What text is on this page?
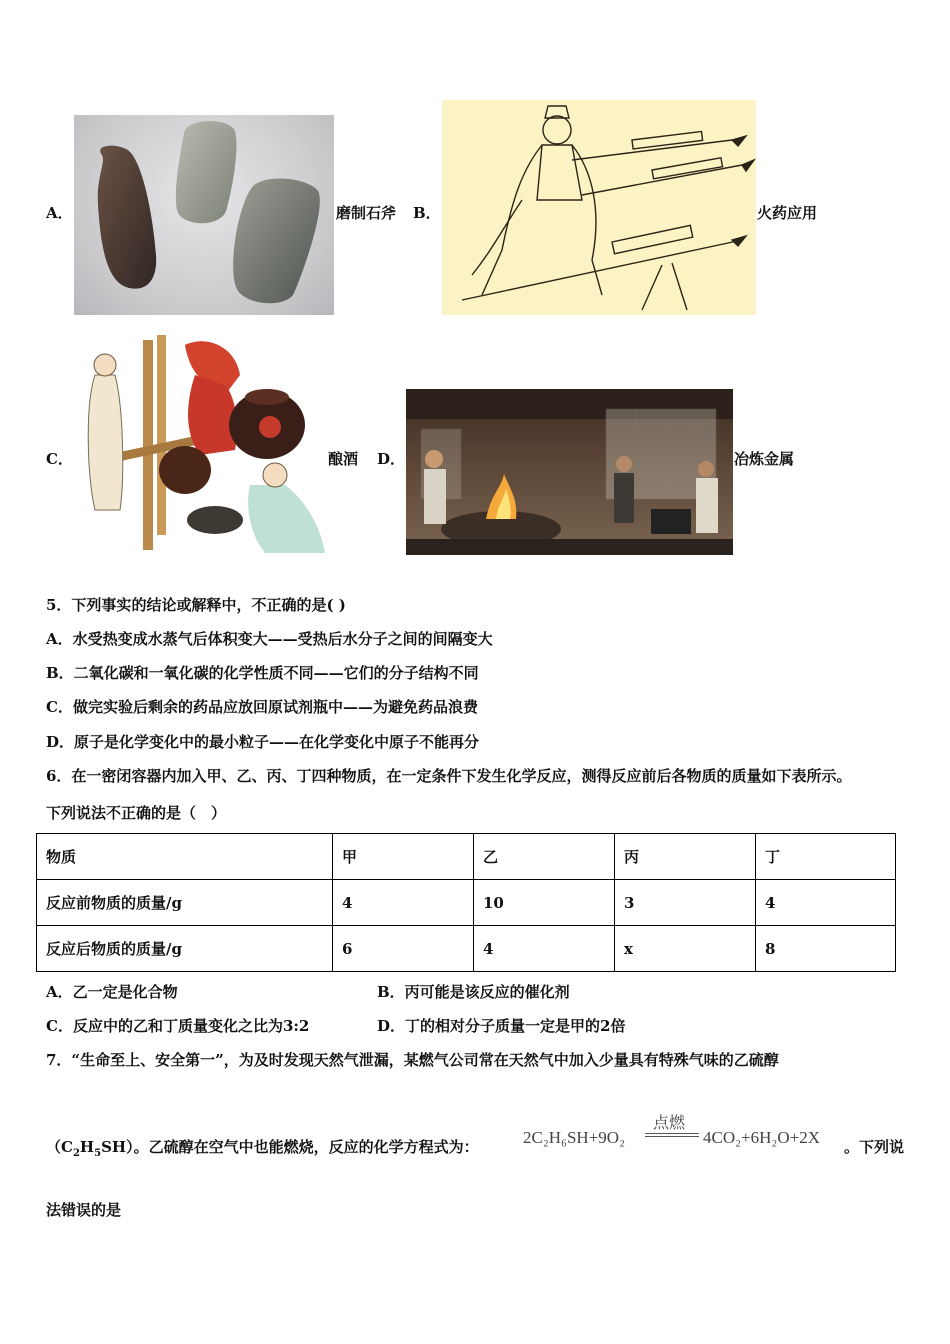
A．	磨制石斧 B．	火药应用
C．	酿酒 D．	冶炼金属
5．下列事实的结论或解释中，不正确的是( )
A．水受热变成水蒸气后体积变大——受热后水分子之间的间隔变大
B．二氧化碳和一氧化碳的化学性质不同——它们的分子结构不同
C．做完实验后剩余的药品应放回原试剂瓶中——为避免药品浪费
D．原子是化学变化中的最小粒子——在化学变化中原子不能再分
6．在一密闭容器内加入甲、乙、丙、丁四种物质，在一定条件下发生化学反应，测得反应前后各物质的质量如下表所示。
下列说法不正确的是（　）
物质	甲	乙	丙	丁
反应前物质的质量/g	4	10	3	4
反应后物质的质量/g	6	4	x	8
A．乙一定是化合物	B．丙可能是该反应的催化剂
C．反应中的乙和丁质量变化之比为3:2	D．丁的相对分子质量一定是甲的2倍
7．“生命至上、安全第一”，为及时发现天然气泄漏，某燃气公司常在天然气中加入少量具有特殊气味的乙硫醇
$(C_2H_5SH)$。乙硫醇在空气中也能燃烧，反应的化学方程式为：	2C₂H₆SH+9O₂
点燃
4CO₂+6H₂O+2X 。下列说
法错误的是
